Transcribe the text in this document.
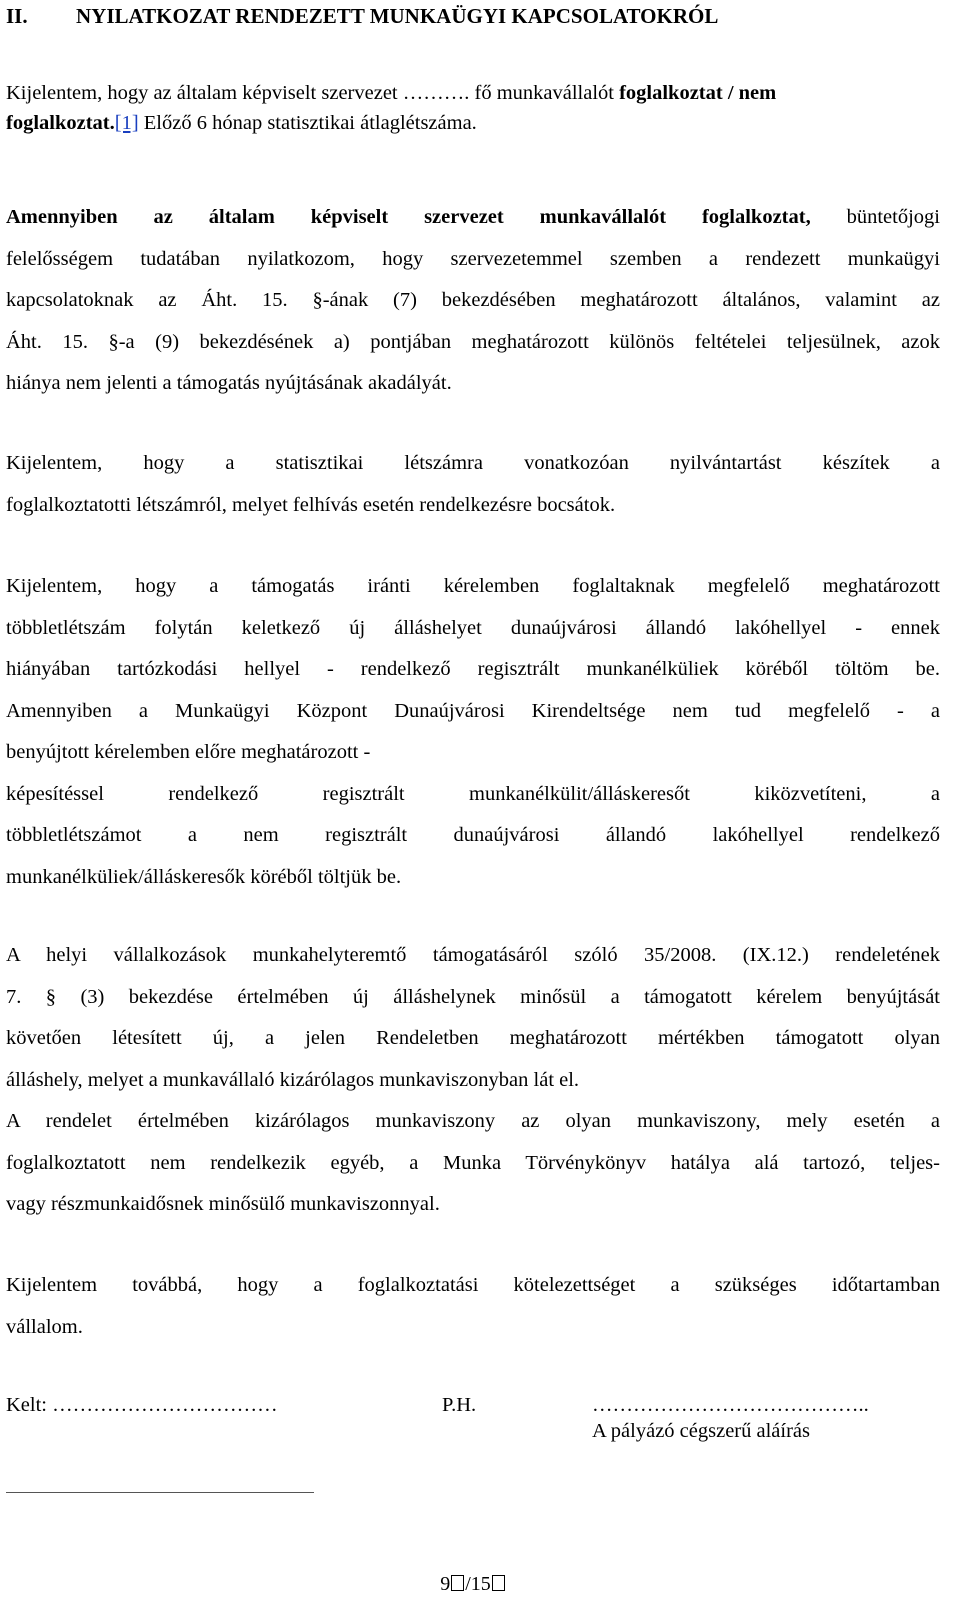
II. NYILATKOZAT RENDEZETT MUNKAÜGYI KAPCSOLATOKRÓL
Kijelentem, hogy az általam képviselt szervezet ………. fő munkavállalót foglalkoztat / nem
foglalkoztat.[1] Előző 6 hónap statisztikai átlaglétszáma.
Amennyiben az általam képviselt szervezet munkavállalót foglalkoztat, büntetőjogi
felelősségem tudatában nyilatkozom, hogy szervezetemmel szemben a rendezett munkaügyi
kapcsolatoknak az Áht. 15. §-ának (7) bekezdésében meghatározott általános, valamint az
Áht. 15. §-a (9) bekezdésének a) pontjában meghatározott különös feltételei teljesülnek, azok
hiánya nem jelenti a támogatás nyújtásának akadályát.
Kijelentem, hogy a statisztikai létszámra vonatkozóan nyilvántartást készítek a
foglalkoztatotti létszámról, melyet felhívás esetén rendelkezésre bocsátok.
Kijelentem, hogy a támogatás iránti kérelemben foglaltaknak megfelelő meghatározott
többletlétszám folytán keletkező új álláshelyet dunaújvárosi állandó lakóhellyel - ennek
hiányában tartózkodási hellyel - rendelkező regisztrált munkanélküliek köréből töltöm be.
Amennyiben a Munkaügyi Központ Dunaújvárosi Kirendeltsége nem tud megfelelő - a
benyújtott kérelemben előre meghatározott -
képesítéssel rendelkező regisztrált munkanélkülit/álláskeresőt kiközvetíteni, a
többletlétszámot a nem regisztrált dunaújvárosi állandó lakóhellyel rendelkező
munkanélküliek/álláskeresők köréből töltjük be.
A helyi vállalkozások munkahelyteremtő támogatásáról szóló 35/2008. (IX.12.) rendeletének
7. § (3) bekezdése értelmében új álláshelynek minősül a támogatott kérelem benyújtását
követően létesített új, a jelen Rendeletben meghatározott mértékben támogatott olyan
álláshely, melyet a munkavállaló kizárólagos munkaviszonyban lát el.
A rendelet értelmében kizárólagos munkaviszony az olyan munkaviszony, mely esetén a
foglalkoztatott nem rendelkezik egyéb, a Munka Törvénykönyv hatálya alá tartozó, teljes-
vagy részmunkaidősnek minősülő munkaviszonnyal.
Kijelentem továbbá, hogy a foglalkoztatási kötelezettséget a szükséges időtartamban
vállalom.
Kelt: ……………………………	P.H.	…………………………………..
A pályázó cégszerű aláírás
9 /15
